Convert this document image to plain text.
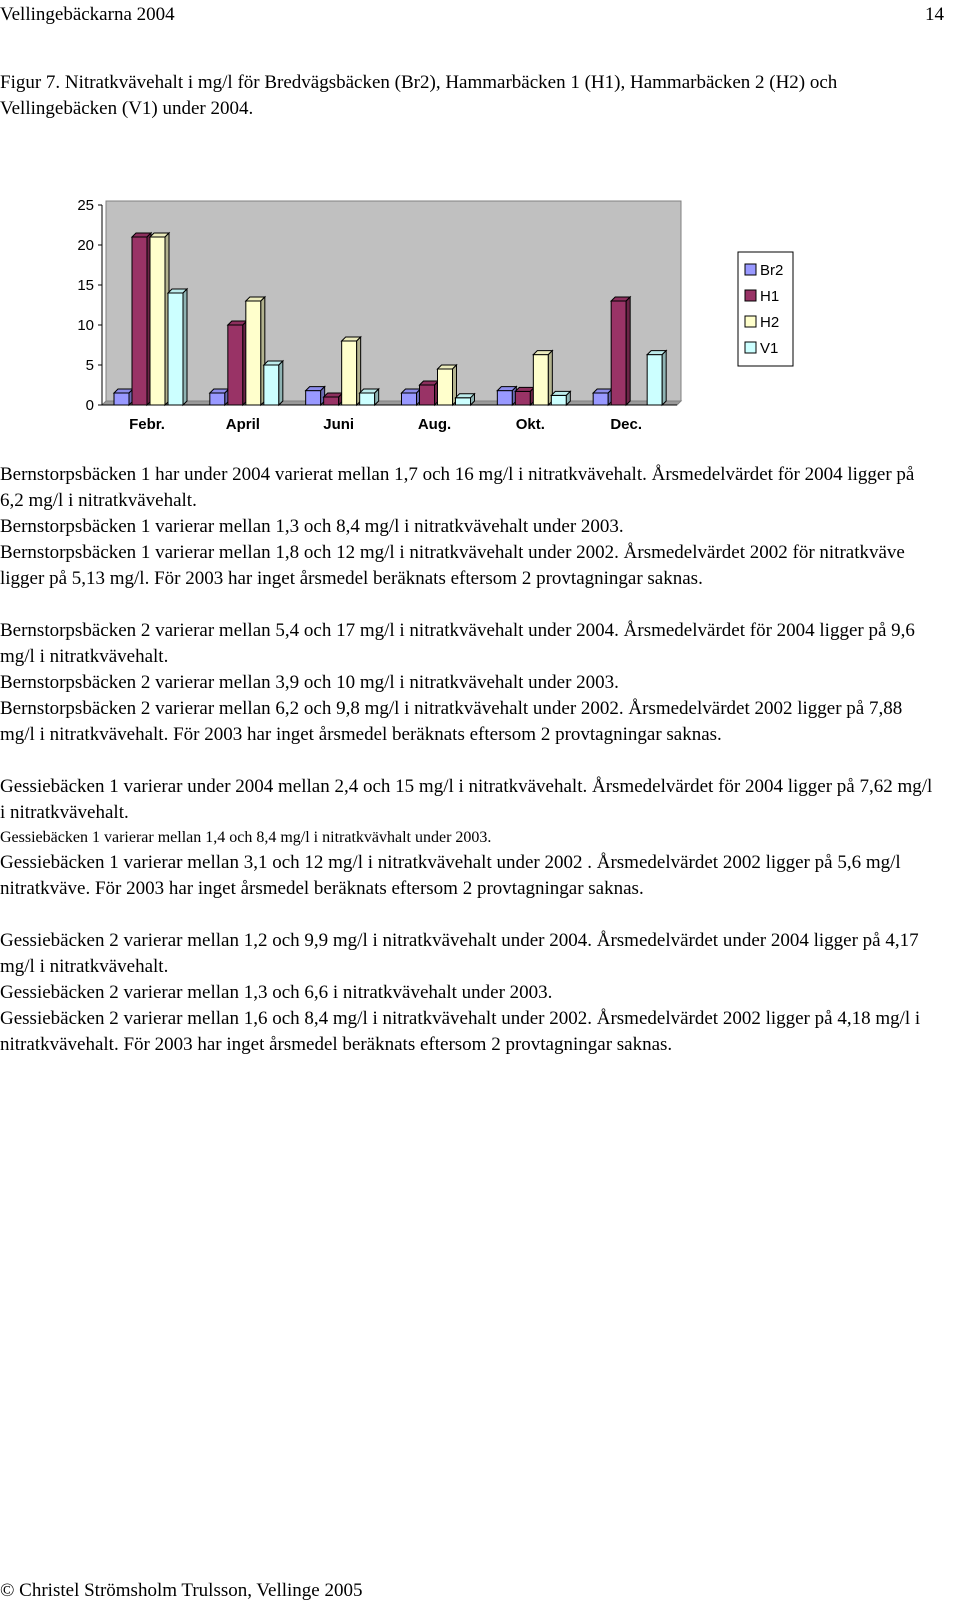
Vellingebäckarna 2004	14
Figur 7. Nitratkvävehalt i mg/l för Bredvägsbäcken (Br2), Hammarbäcken 1 (H1), Hammarbäcken 2 (H2) och Vellingebäcken (V1) under 2004.
0
5
10
15
20
25
Febr.	April	Juni	Aug.	Okt.	Dec.
Br2
H1
H2
V1

Bernstorpsbäcken 1 har under 2004 varierat mellan 1,7 och 16 mg/l i nitratkvävehalt. Årsmedelvärdet för 2004 ligger på 6,2 mg/l i nitratkvävehalt.

Bernstorpsbäcken 1 varierar mellan 1,3 och 8,4 mg/l i nitratkvävehalt under 2003.

Bernstorpsbäcken 1 varierar mellan 1,8 och 12 mg/l i nitratkvävehalt under 2002. Årsmedelvärdet 2002 för nitratkväve ligger på 5,13 mg/l. För 2003 har inget årsmedel beräknats eftersom 2 provtagningar saknas.

Bernstorpsbäcken 2 varierar mellan 5,4 och 17 mg/l i nitratkvävehalt under 2004. Årsmedelvärdet för 2004 ligger på 9,6 mg/l i nitratkvävehalt.

Bernstorpsbäcken 2 varierar mellan 3,9 och 10 mg/l i nitratkvävehalt under 2003.

Bernstorpsbäcken 2 varierar mellan 6,2 och 9,8 mg/l i nitratkvävehalt under 2002. Årsmedelvärdet 2002 ligger på 7,88 mg/l i nitratkvävehalt. För 2003 har inget årsmedel beräknats eftersom 2 provtagningar saknas.

Gessiebäcken 1 varierar under 2004 mellan 2,4 och 15 mg/l i nitratkvävehalt. Årsmedelvärdet för 2004 ligger på 7,62 mg/l i nitratkvävehalt.

Gessiebäcken 1 varierar mellan 1,4 och 8,4 mg/l i nitratkvävhalt under 2003.

Gessiebäcken 1 varierar mellan 3,1 och 12 mg/l i nitratkvävehalt under 2002 . Årsmedelvärdet 2002 ligger på 5,6 mg/l nitratkväve. För 2003 har inget årsmedel beräknats eftersom 2 provtagningar saknas.

Gessiebäcken 2 varierar mellan 1,2 och 9,9 mg/l i nitratkvävehalt under 2004. Årsmedelvärdet under 2004 ligger på 4,17 mg/l i nitratkvävehalt.

Gessiebäcken 2 varierar mellan 1,3 och 6,6 i nitratkvävehalt under 2003.

Gessiebäcken 2 varierar mellan 1,6 och 8,4 mg/l i nitratkvävehalt under 2002. Årsmedelvärdet 2002 ligger på 4,18 mg/l i nitratkvävehalt. För 2003 har inget årsmedel beräknats eftersom 2 provtagningar saknas.

© Christel Strömsholm Trulsson, Vellinge 2005
